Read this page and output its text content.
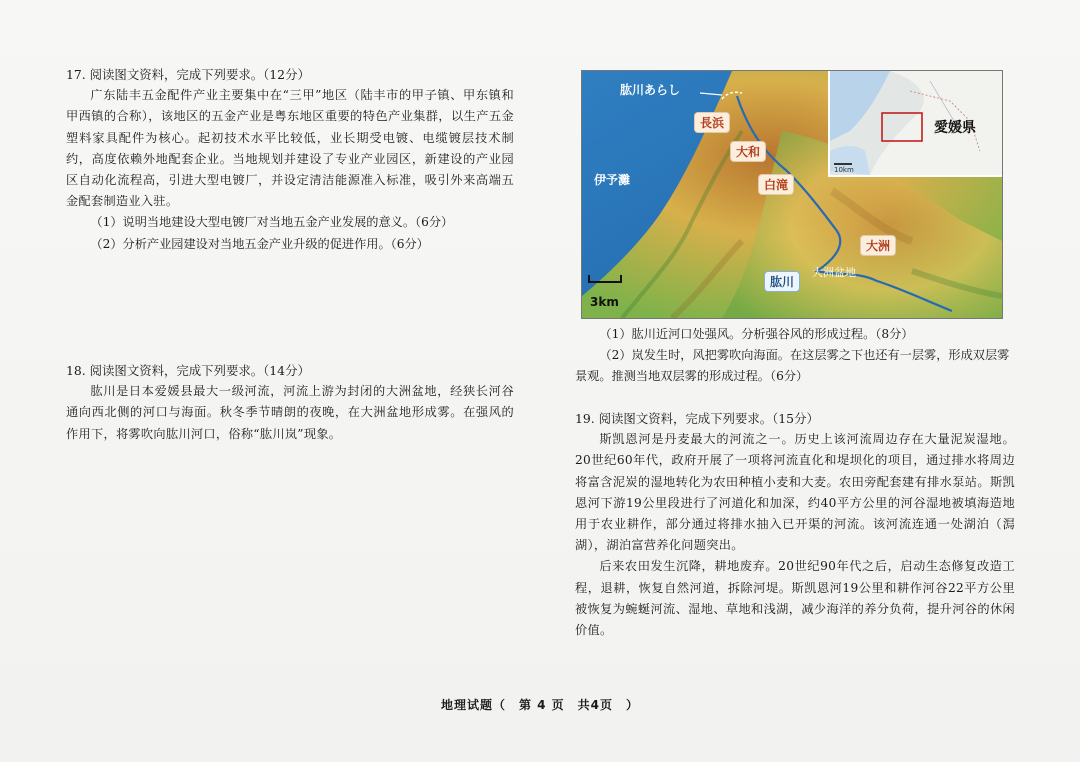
17. 阅读图文资料，完成下列要求。（12分）

广东陆丰五金配件产业主要集中在“三甲”地区（陆丰市的甲子镇、甲东镇和甲西镇的合称），该地区的五金产业是粤东地区重要的特色产业集群，以生产五金塑料家具配件为核心。起初技术水平比较低，业长期受电镀、电缆镀层技术制约，高度依赖外地配套企业。当地规划并建设了专业产业园区，新建设的产业园区自动化流程高，引进大型电镀厂，并设定清洁能源准入标准，吸引外来高端五金配套制造业入驻。

（1）说明当地建设大型电镀厂对当地五金产业发展的意义。（6分）

（2）分析产业园建设对当地五金产业升级的促进作用。（6分）

18. 阅读图文资料，完成下列要求。（14分）

肱川是日本爱媛县最大一级河流，河流上游为封闭的大洲盆地，经狭长河谷通向西北侧的河口与海面。秋冬季节晴朗的夜晚，在大洲盆地形成雾。在强风的作用下，将雾吹向肱川河口，俗称“肱川岚”现象。

肱川あらし
長浜
大和
白滝
伊予灘
大洲
肱川
大洲盆地
3km
愛媛県
10km

（1）肱川近河口处强风。分析强谷风的形成过程。（8分）

（2）岚发生时，风把雾吹向海面。在这层雾之下也还有一层雾，形成双层雾景观。推测当地双层雾的形成过程。（6分）

19. 阅读图文资料，完成下列要求。（15分）

斯凯恩河是丹麦最大的河流之一。历史上该河流周边存在大量泥炭湿地。20世纪60年代，政府开展了一项将河流直化和堤坝化的项目，通过排水将周边将富含泥炭的湿地转化为农田种植小麦和大麦。农田旁配套建有排水泵站。斯凯恩河下游19公里段进行了河道化和加深，约40平方公里的河谷湿地被填海造地用于农业耕作，部分通过将排水抽入已开渠的河流。该河流连通一处湖泊（澙湖），湖泊富营养化问题突出。

后来农田发生沉降，耕地废弃。20世纪90年代之后，启动生态修复改造工程，退耕，恢复自然河道，拆除河堤。斯凯恩河19公里和耕作河谷22平方公里被恢复为蜿蜒河流、湿地、草地和浅湖，减少海洋的养分负荷，提升河谷的休闲价值。

地理试题（　第 4 页　共4页　）
